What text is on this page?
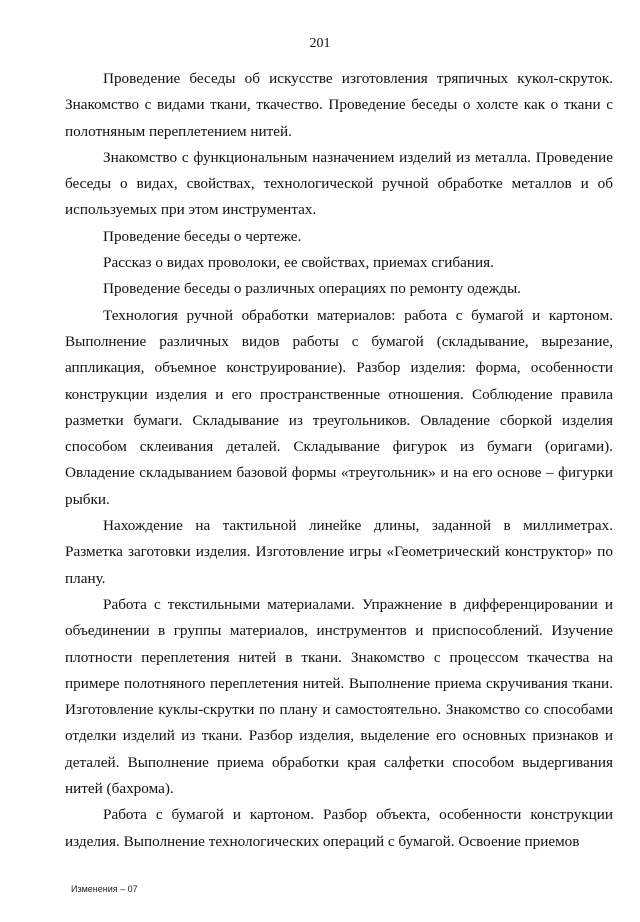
201

Проведение беседы об искусстве изготовления тряпичных кукол-скруток. Знакомство с видами ткани, ткачество. Проведение беседы о холсте как о ткани с полотняным переплетением нитей.

Знакомство с функциональным назначением изделий из металла. Проведение беседы о видах, свойствах, технологической ручной обработке металлов и об используемых при этом инструментах.

Проведение беседы о чертеже.

Рассказ о видах проволоки, ее свойствах, приемах сгибания.

Проведение беседы о различных операциях по ремонту одежды.

Технология ручной обработки материалов: работа с бумагой и картоном. Выполнение различных видов работы с бумагой (складывание, вырезание, аппликация, объемное конструирование). Разбор изделия: форма, особенности конструкции изделия и его пространственные отношения. Соблюдение правила разметки бумаги. Складывание из треугольников. Овладение сборкой изделия способом склеивания деталей. Складывание фигурок из бумаги (оригами). Овладение складыванием базовой формы «треугольник» и на его основе – фигурки рыбки.

Нахождение на тактильной линейке длины, заданной в миллиметрах. Разметка заготовки изделия. Изготовление игры «Геометрический конструктор» по плану.

Работа с текстильными материалами. Упражнение в дифференцировании и объединении в группы материалов, инструментов и приспособлений. Изучение плотности переплетения нитей в ткани. Знакомство с процессом ткачества на примере полотняного переплетения нитей. Выполнение приема скручивания ткани. Изготовление куклы-скрутки по плану и самостоятельно. Знакомство со способами отделки изделий из ткани. Разбор изделия, выделение его основных признаков и деталей. Выполнение приема обработки края салфетки способом выдергивания нитей (бахрома).

Работа с бумагой и картоном. Разбор объекта, особенности конструкции изделия. Выполнение технологических операций с бумагой. Освоение приемов

Изменения – 07
